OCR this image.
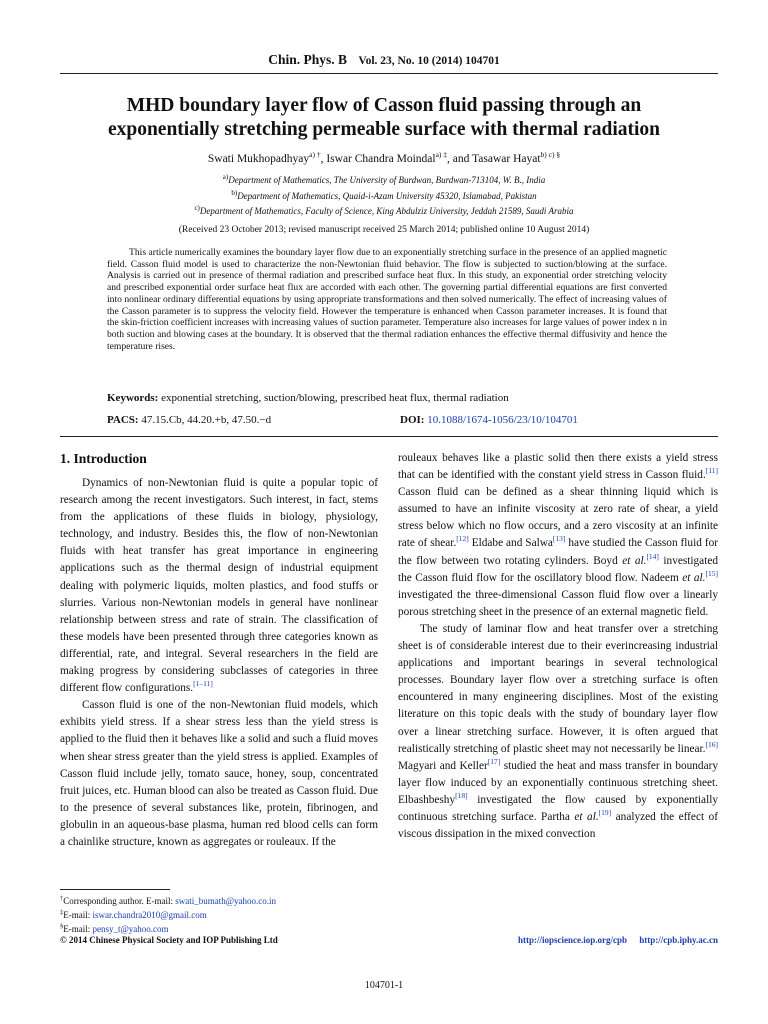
Chin. Phys. B Vol. 23, No. 10 (2014) 104701
MHD boundary layer flow of Casson fluid passing through an
exponentially stretching permeable surface with thermal radiation
Swati Mukhopadhyay$^{a) \dagger}$, Iswar Chandra Moindal$^{a) \ddagger}$, and Tasawar Hayat$^{b) c) \S}$
$^{a)}$Department of Mathematics, The University of Burdwan, Burdwan-713104, W. B., India
$^{b)}$Department of Mathematics, Quaid-i-Azam University 45320, Islamabad, Pakistan
$^{c)}$Department of Mathematics, Faculty of Science, King Abdulziz University, Jeddah 21589, Saudi Arabia
(Received 23 October 2013; revised manuscript received 25 March 2014; published online 10 August 2014)
This article numerically examines the boundary layer flow due to an exponentially stretching surface in the presence of an applied magnetic field. Casson fluid model is used to characterize the non-Newtonian fluid behavior. The flow is subjected to suction/blowing at the surface. Analysis is carried out in presence of thermal radiation and prescribed surface heat flux. In this study, an exponential order stretching velocity and prescribed exponential order surface heat flux are accorded with each other. The governing partial differential equations are first converted into nonlinear ordinary differential equations by using appropriate transformations and then solved numerically. The effect of increasing values of the Casson parameter is to suppress the velocity field. However the temperature is enhanced when Casson parameter increases. It is found that the skin-friction coefficient increases with increasing values of suction parameter. Temperature also increases for large values of power index n in both suction and blowing cases at the boundary. It is observed that the thermal radiation enhances the effective thermal diffusivity and hence the temperature rises.
Keywords: exponential stretching, suction/blowing, prescribed heat flux, thermal radiation
PACS: 47.15.Cb, 44.20.+b, 47.50.−d	DOI: 10.1088/1674-1056/23/10/104701
1. Introduction

Dynamics of non-Newtonian fluid is quite a popular topic of research among the recent investigators. Such interest, in fact, stems from the applications of these fluids in biology, physiology, technology, and industry. Besides this, the flow of non-Newtonian fluids with heat transfer has great importance in engineering applications such as the thermal design of industrial equipment dealing with polymeric liquids, molten plastics, and food stuffs or slurries. Various non-Newtonian models in general have nonlinear relationship between stress and rate of strain. The classification of these models have been presented through three categories known as differential, rate, and integral. Several researchers in the field are making progress by considering subclasses of categories in three different flow configurations.[1–11]

Casson fluid is one of the non-Newtonian fluid models, which exhibits yield stress. If a shear stress less than the yield stress is applied to the fluid then it behaves like a solid and such a fluid moves when shear stress greater than the yield stress is applied. Examples of Casson fluid include jelly, tomato sauce, honey, soup, concentrated fruit juices, etc. Human blood can also be treated as Casson fluid. Due to the presence of several substances like, protein, fibrinogen, and globulin in an aqueous-base plasma, human red blood cells can form a chainlike structure, known as aggregates or rouleaux. If the

rouleaux behaves like a plastic solid then there exists a yield stress that can be identified with the constant yield stress in Casson fluid.[11] Casson fluid can be defined as a shear thinning liquid which is assumed to have an infinite viscosity at zero rate of shear, a yield stress below which no flow occurs, and a zero viscosity at an infinite rate of shear.[12] Eldabe and Salwa[13] have studied the Casson fluid for the flow between two rotating cylinders. Boyd et al.[14] investigated the Casson fluid flow for the oscillatory blood flow. Nadeem et al.[15] investigated the three-dimensional Casson fluid flow over a linearly porous stretching sheet in the presence of an external magnetic field.

The study of laminar flow and heat transfer over a stretching sheet is of considerable interest due to their everincreasing industrial applications and important bearings in several technological processes. Boundary layer flow over a stretching surface is often encountered in many engineering disciplines. Most of the existing literature on this topic deals with the study of boundary layer flow over a linear stretching surface. However, it is often argued that realistically stretching of plastic sheet may not necessarily be linear.[16] Magyari and Keller[17] studied the heat and mass transfer in boundary layer flow induced by an exponentially continuous stretching sheet. Elbashbeshy[18] investigated the flow caused by exponentially continuous stretching surface. Partha et al.[19] analyzed the effect of viscous dissipation in the mixed convection

†Corresponding author. E-mail: swati_bumath@yahoo.co.in
‡E-mail: iswar.chandra2010@gmail.com
§E-mail: pensy_t@yahoo.com
© 2014 Chinese Physical Society and IOP Publishing Ltd	http://iopscience.iop.org/cpb http://cpb.iphy.ac.cn
104701-1
